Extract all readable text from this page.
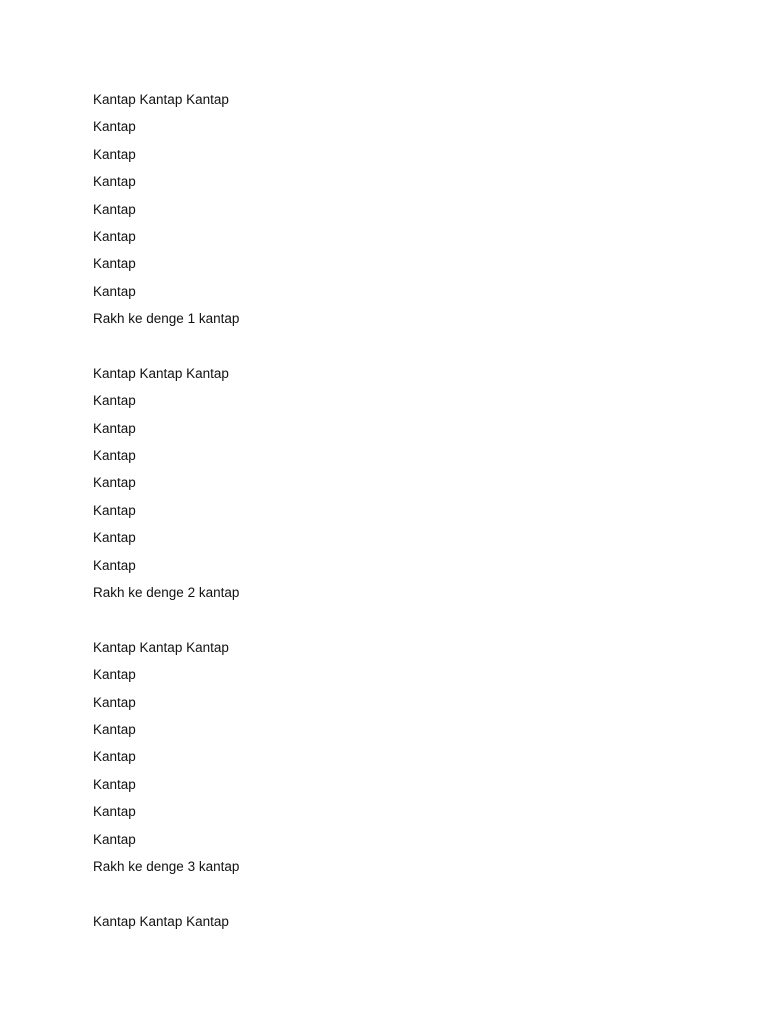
Kantap Kantap Kantap
Kantap
Kantap
Kantap
Kantap
Kantap
Kantap
Kantap
Rakh ke denge 1 kantap
Kantap Kantap Kantap
Kantap
Kantap
Kantap
Kantap
Kantap
Kantap
Kantap
Rakh ke denge 2 kantap
Kantap Kantap Kantap
Kantap
Kantap
Kantap
Kantap
Kantap
Kantap
Kantap
Rakh ke denge 3 kantap
Kantap Kantap Kantap
